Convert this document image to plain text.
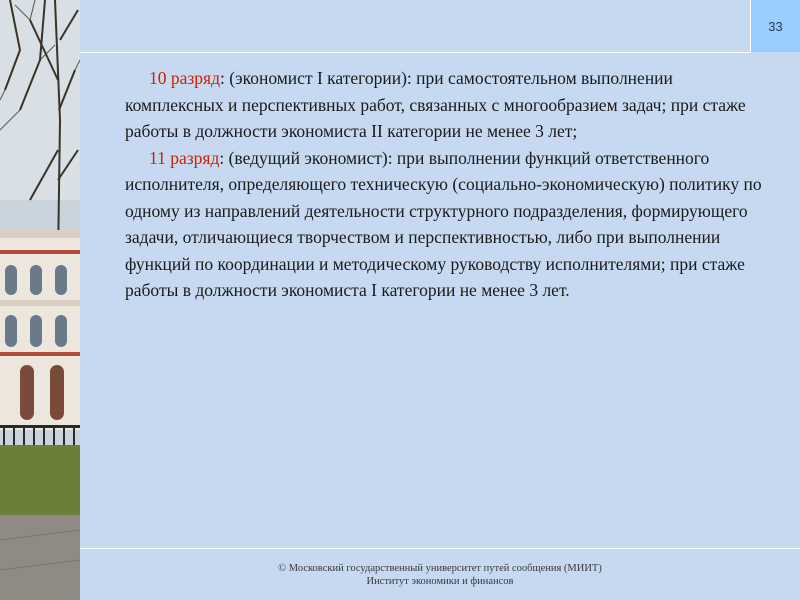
33

10 разряд: (экономист I категории): при самостоятельном выполнении комплексных и перспективных работ, связанных с многообразием задач; при стаже работы в должности экономиста II категории не менее 3 лет;

11 разряд: (ведущий экономист): при выполнении функций ответственного исполнителя, определяющего техническую (социально-экономическую) политику по одному из направлений деятельности структурного подразделения, формирующего задачи, отличающиеся творчеством и перспективностью, либо при выполнении функций по координации и методическому руководству исполнителями; при стаже работы в должности экономиста I категории не менее 3 лет.

© Московский государственный университет путей сообщения (МИИТ)
Институт экономики и финансов
